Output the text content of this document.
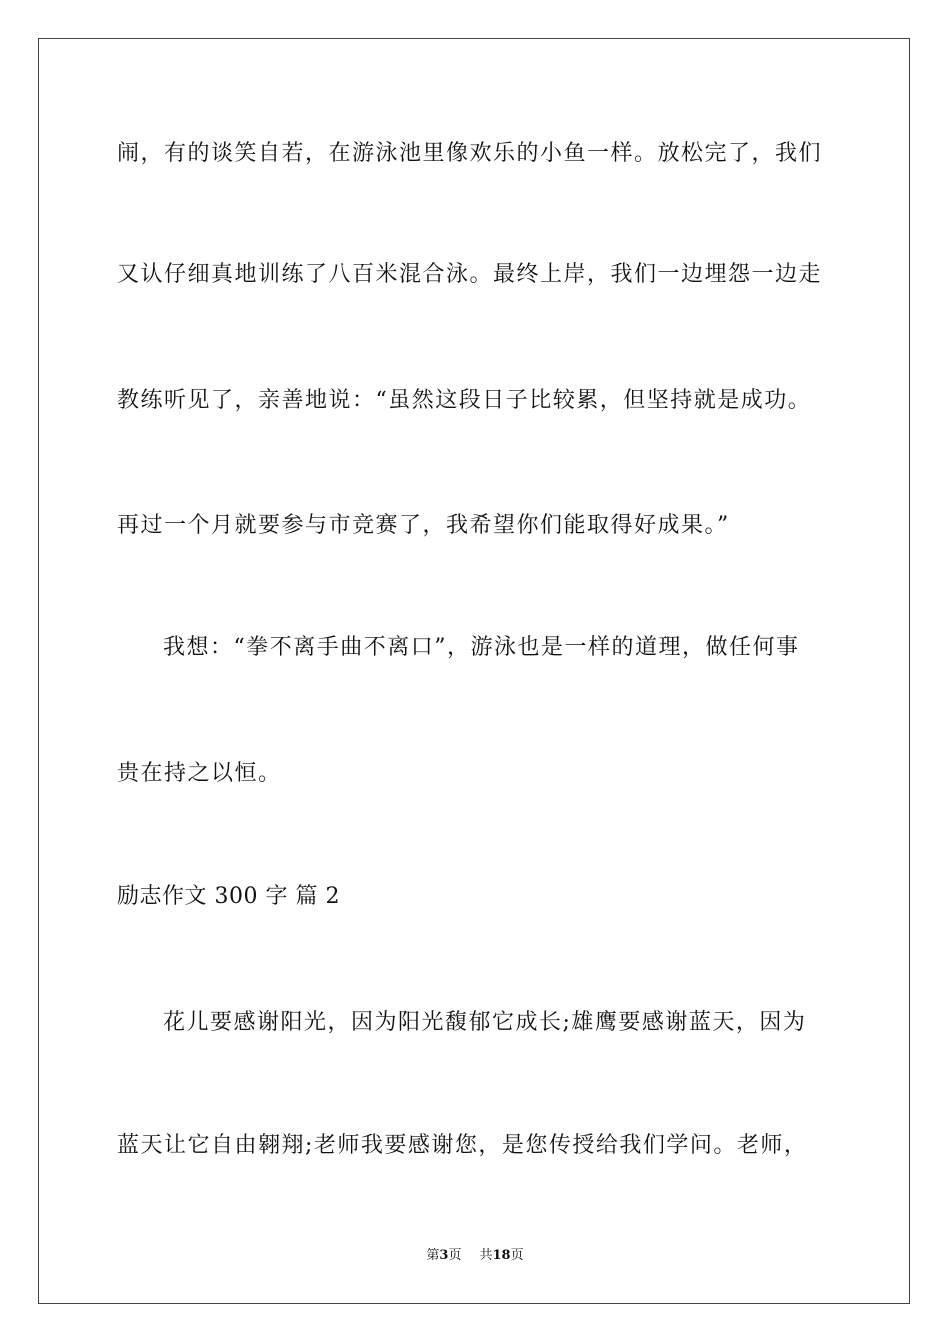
闹，有的谈笑自若，在游泳池里像欢乐的小鱼一样。放松完了，我们
又认仔细真地训练了八百米混合泳。最终上岸，我们一边埋怨一边走
教练听见了，亲善地说：“虽然这段日子比较累，但坚持就是成功。
再过一个月就要参与市竞赛了，我希望你们能取得好成果。”
我想：“拳不离手曲不离口”，游泳也是一样的道理，做任何事
贵在持之以恒。
励志作文 300 字 篇 2
花儿要感谢阳光，因为阳光馥郁它成长;雄鹰要感谢蓝天，因为
蓝天让它自由翱翔;老师我要感谢您，是您传授给我们学问。老师，
第3页 共18页
